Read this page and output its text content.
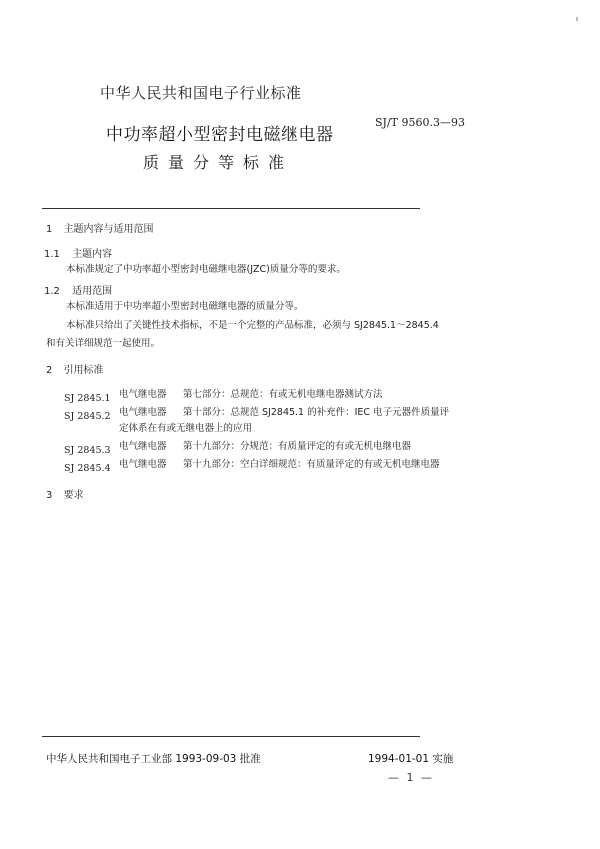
中华人民共和国电子行业标准
SJ/T 9560.3—93
中功率超小型密封电磁继电器
质量分等标准
1 主题内容与适用范围
1.1 主题内容
本标准规定了中功率超小型密封电磁继电器(JZC)质量分等的要求。
1.2 适用范围
本标准适用于中功率超小型密封电磁继电器的质量分等。
本标准只给出了关键性技术指标，不是一个完整的产品标准，必须与 SJ2845.1～2845.4
和有关详细规范一起使用。
2 引用标准
SJ 2845.1 电气继电器 第七部分：总规范：有或无机电继电器测试方法
SJ 2845.2 电气继电器 第十部分：总规范 SJ2845.1 的补充件：IEC 电子元器件质量评
定体系在有或无继电器上的应用
SJ 2845.3 电气继电器 第十九部分：分规范：有质量评定的有或无机电继电器
SJ 2845.4 电气继电器 第十九部分：空白详细规范：有质量评定的有或无机电继电器
3 要求
中华人民共和国电子工业部 1993-09-03 批准	1994-01-01 实施
— 1 —
